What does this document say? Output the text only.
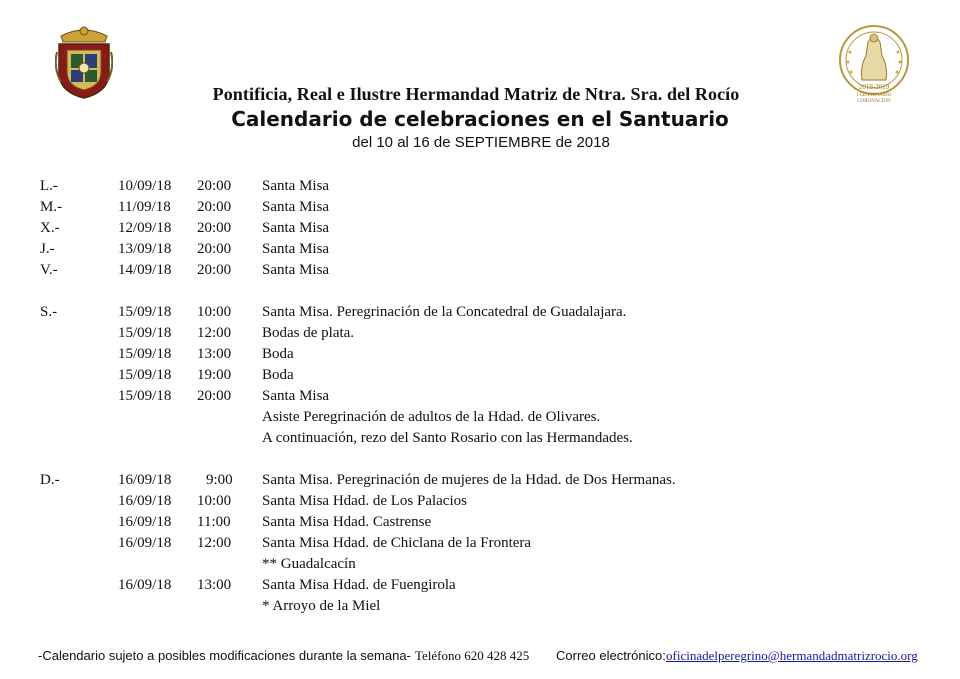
2018-2019
I CENTENARIO
CORONACION
Pontificia, Real e Ilustre Hermandad Matriz de Ntra. Sra. del Rocío
Calendario de celebraciones en el Santuario
del 10 al 16 de SEPTIEMBRE de 2018
L.-	10/09/18 20:00 Santa Misa
M.-	11/09/18 20:00 Santa Misa
X.-	12/09/18 20:00 Santa Misa
J.-	13/09/18 20:00 Santa Misa
V.-	14/09/18 20:00 Santa Misa
S.-	15/09/18 10:00 Santa Misa. Peregrinación de la Concatedral de Guadalajara.
15/09/18 12:00 Bodas de plata.
15/09/18 13:00 Boda
15/09/18 19:00 Boda
15/09/18 20:00 Santa Misa
Asiste Peregrinación de adultos de la Hdad. de Olivares.
A continuación, rezo del Santo Rosario con las Hermandades.
D.-	16/09/18 9:00 Santa Misa. Peregrinación de mujeres de la Hdad. de Dos Hermanas.
16/09/18 10:00 Santa Misa Hdad. de Los Palacios
16/09/18 11:00 Santa Misa Hdad. Castrense
16/09/18 12:00 Santa Misa Hdad. de Chiclana de la Frontera
** Guadalcacín
16/09/18 13:00 Santa Misa Hdad. de Fuengirola
* Arroyo de la Miel
-Calendario sujeto a posibles modificaciones durante la semana- Teléfono 620 428 425 Correo electrónico: oficinadelperegrino@hermandadmatrizrocio.org
